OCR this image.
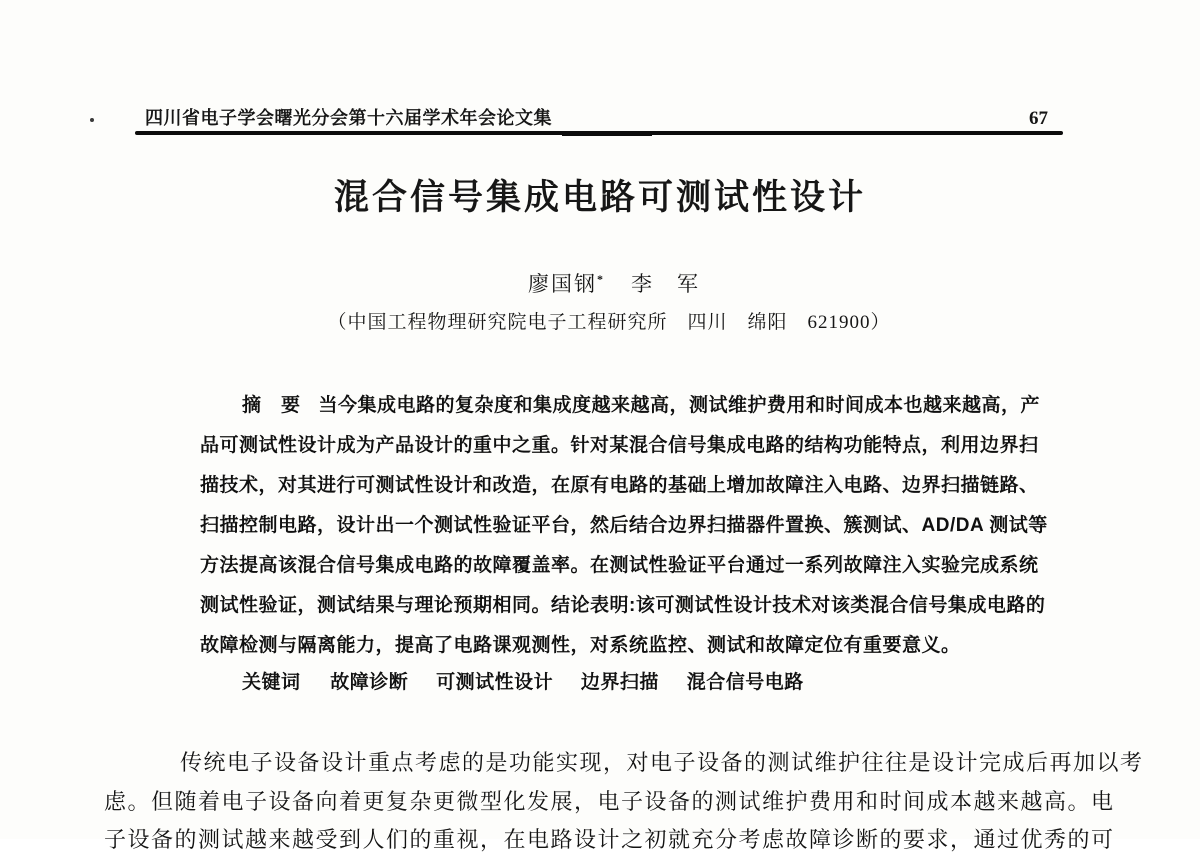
四川省电子学会曙光分会第十六届学术年会论文集	67
混合信号集成电路可测试性设计
廖国钢* 李　军
（中国工程物理研究院电子工程研究所　四川　绵阳　621900）
摘　要 当今集成电路的复杂度和集成度越来越高，测试维护费用和时间成本也越来越高，产
品可测试性设计成为产品设计的重中之重。针对某混合信号集成电路的结构功能特点，利用边界扫
描技术，对其进行可测试性设计和改造，在原有电路的基础上增加故障注入电路、边界扫描链路、
扫描控制电路，设计出一个测试性验证平台，然后结合边界扫描器件置换、簇测试、AD/DA 测试等
方法提高该混合信号集成电路的故障覆盖率。在测试性验证平台通过一系列故障注入实验完成系统
测试性验证，测试结果与理论预期相同。结论表明:该可测试性设计技术对该类混合信号集成电路的
故障检测与隔离能力，提高了电路课观测性，对系统监控、测试和故障定位有重要意义。
关键词 故障诊断 可测试性设计 边界扫描 混合信号电路
传统电子设备设计重点考虑的是功能实现，对电子设备的测试维护往往是设计完成后再加以考
虑。但随着电子设备向着更复杂更微型化发展，电子设备的测试维护费用和时间成本越来越高。电
子设备的测试越来越受到人们的重视，在电路设计之初就充分考虑故障诊断的要求，通过优秀的可
